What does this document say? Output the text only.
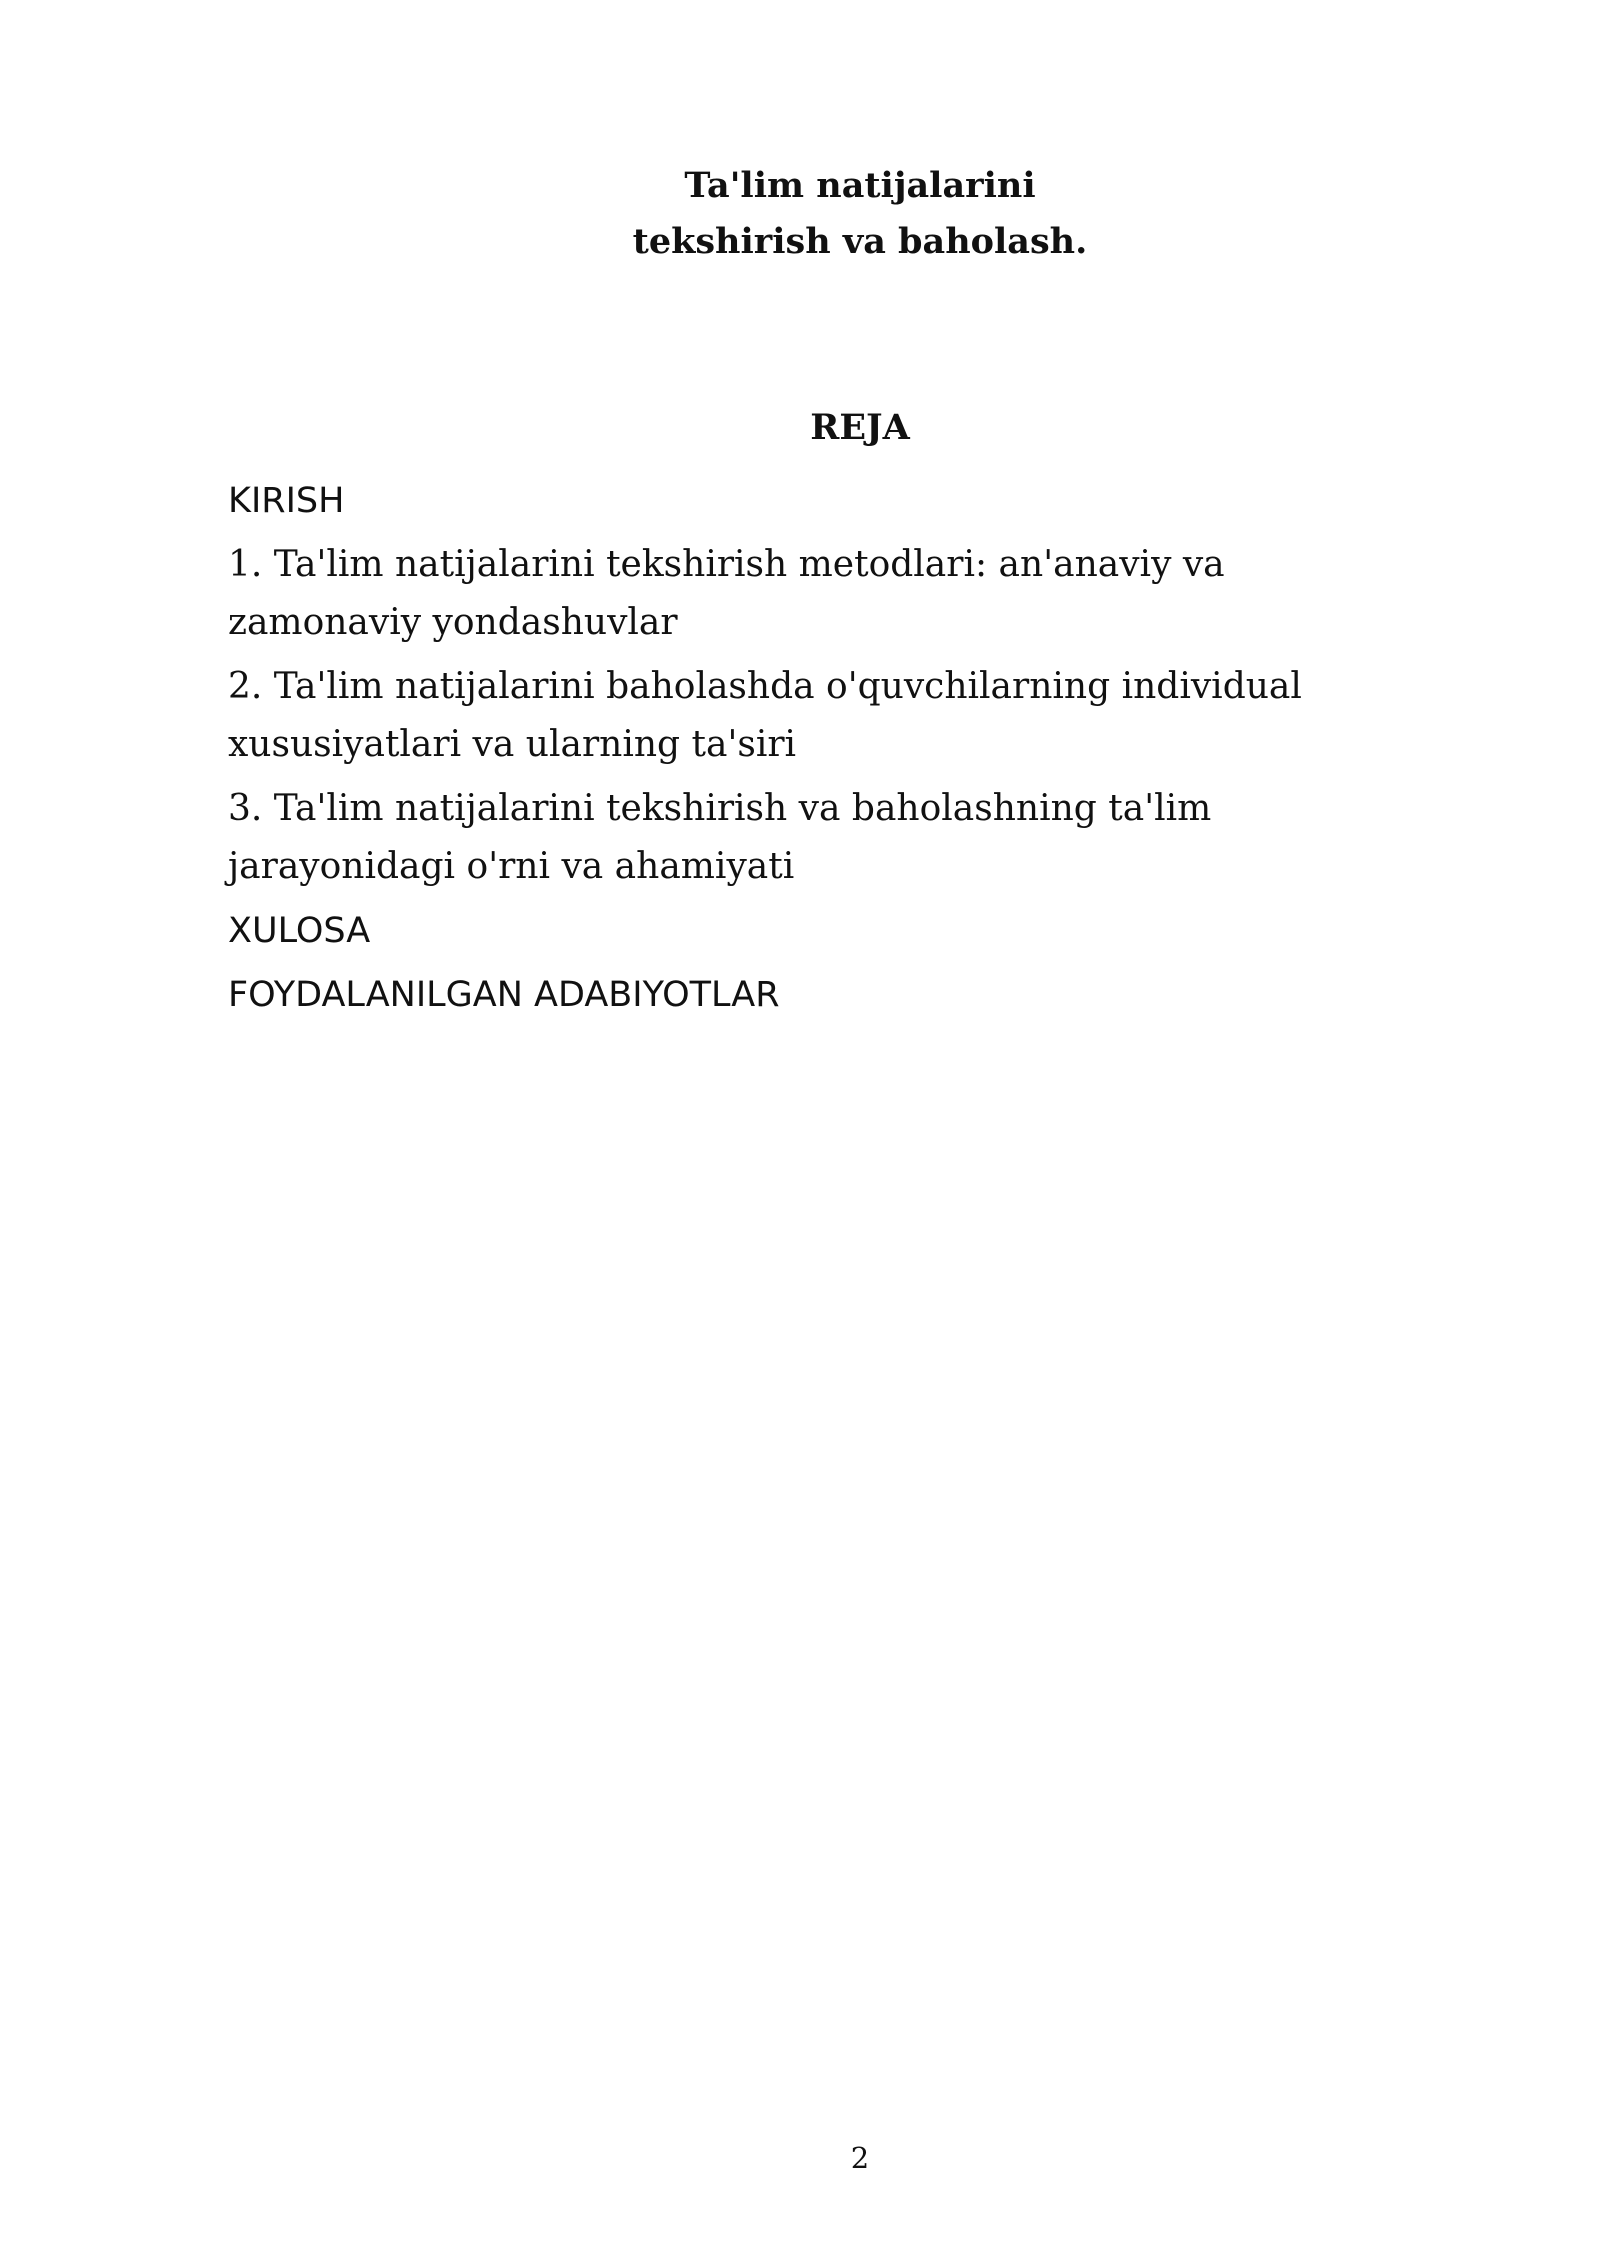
Ta'lim natijalarini
tekshirish va baholash.
REJA
KIRISH
1. Ta'lim natijalarini tekshirish metodlari: an'anaviy va zamonaviy yondashuvlar
2. Ta'lim natijalarini baholashda o'quvchilarning individual xususiyatlari va ularning ta'siri
3. Ta'lim natijalarini tekshirish va baholashning ta'lim jarayonidagi o'rni va ahamiyati
XULOSA
FOYDALANILGAN ADABIYOTLAR
2
